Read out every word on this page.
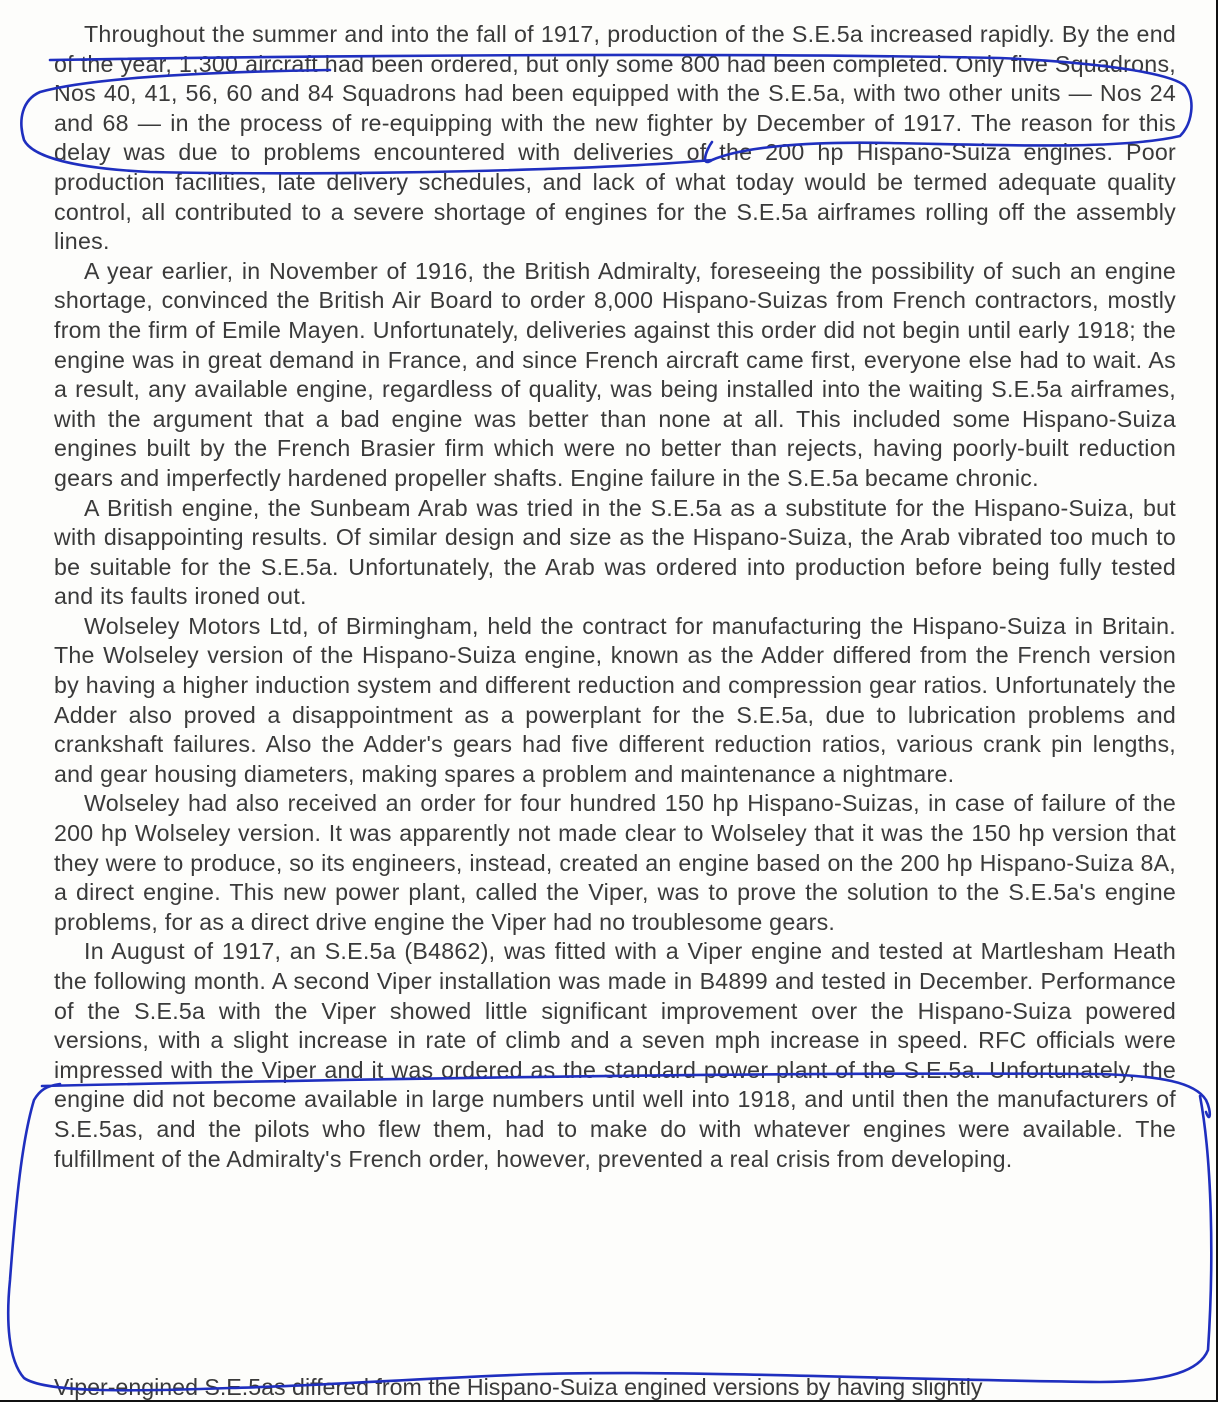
Throughout the summer and into the fall of 1917, production of the S.E.5a increased rapidly. By the end of the year, 1,300 aircraft had been ordered, but only some 800 had been completed. Only five Squadrons, Nos 40, 41, 56, 60 and 84 Squadrons had been equipped with the S.E.5a, with two other units — Nos 24 and 68 — in the process of re-equipping with the new fighter by December of 1917. The reason for this delay was due to problems encountered with deliveries of the 200 hp Hispano-Suiza engines. Poor production facilities, late delivery schedules, and lack of what today would be termed adequate quality control, all contributed to a severe shortage of engines for the S.E.5a airframes rolling off the assembly lines.

A year earlier, in November of 1916, the British Admiralty, foreseeing the possibility of such an engine shortage, convinced the British Air Board to order 8,000 Hispano-Suizas from French contractors, mostly from the firm of Emile Mayen. Unfortunately, deliveries against this order did not begin until early 1918; the engine was in great demand in France, and since French aircraft came first, everyone else had to wait. As a result, any available engine, regardless of quality, was being installed into the waiting S.E.5a airframes, with the argument that a bad engine was better than none at all. This included some Hispano-Suiza engines built by the French Brasier firm which were no better than rejects, having poorly-built reduction gears and imperfectly hardened propeller shafts. Engine failure in the S.E.5a became chronic.

A British engine, the Sunbeam Arab was tried in the S.E.5a as a substitute for the Hispano-Suiza, but with disappointing results. Of similar design and size as the Hispano-Suiza, the Arab vibrated too much to be suitable for the S.E.5a. Unfortunately, the Arab was ordered into production before being fully tested and its faults ironed out.

Wolseley Motors Ltd, of Birmingham, held the contract for manufacturing the Hispano-Suiza in Britain. The Wolseley version of the Hispano-Suiza engine, known as the Adder differed from the French version by having a higher induction system and different reduction and compression gear ratios. Unfortunately the Adder also proved a disappointment as a powerplant for the S.E.5a, due to lubrication problems and crankshaft failures. Also the Adder's gears had five different reduction ratios, various crank pin lengths, and gear housing diameters, making spares a problem and maintenance a nightmare.

Wolseley had also received an order for four hundred 150 hp Hispano-Suizas, in case of failure of the 200 hp Wolseley version. It was apparently not made clear to Wolseley that it was the 150 hp version that they were to produce, so its engineers, instead, created an engine based on the 200 hp Hispano-Suiza 8A, a direct engine. This new power plant, called the Viper, was to prove the solution to the S.E.5a's engine problems, for as a direct drive engine the Viper had no troublesome gears.

In August of 1917, an S.E.5a (B4862), was fitted with a Viper engine and tested at Martlesham Heath the following month. A second Viper installation was made in B4899 and tested in December. Performance of the S.E.5a with the Viper showed little significant improvement over the Hispano-Suiza powered versions, with a slight increase in rate of climb and a seven mph increase in speed. RFC officials were impressed with the Viper and it was ordered as the standard power plant of the S.E.5a. Unfortunately, the engine did not become available in large numbers until well into 1918, and until then the manufacturers of S.E.5as, and the pilots who flew them, had to make do with whatever engines were available. The fulfillment of the Admiralty's French order, however, prevented a real crisis from developing.

Viper-engined S.E.5as differed from the Hispano-Suiza engined versions by having slightly
